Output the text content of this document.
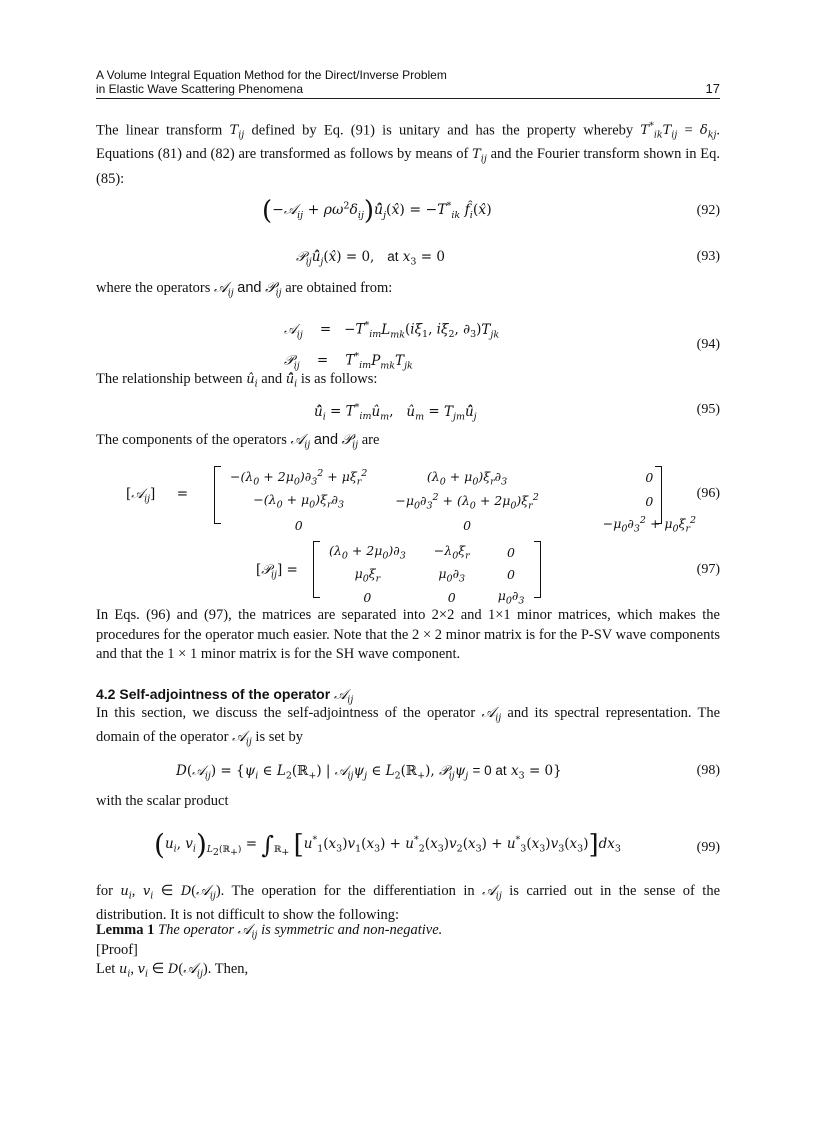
A Volume Integral Equation Method for the Direct/Inverse Problem
in Elastic Wave Scattering Phenomena	17
The linear transform $T_{ij}$ defined by Eq. (91) is unitary and has the property whereby $T^*_{ik}T_{ij} = \delta_{kj}$. Equations (81) and (82) are transformed as follows by means of $T_{ij}$ and the Fourier transform shown in Eq. (85):
(−𝒜$_{ij}$ + $\rho\omega^2\delta_{ij})û̂_j(x̂) = -T^*_{ik}$ $f̂_i(x̂)$	(92)
$𝒫_{ij}û̂_j(x̂) = 0$,   at $x_3 = 0$	(93)
where the operators 𝒜$_{ij}$ and 𝒫$_{ij}$ are obtained from:
𝒜$_{ij}$    =   $-T^*_{im}L_{mk}(i\xi_1$, $i\xi_2$, $\partial_3)T_{jk}$
𝒫$_{ij}$    =    $T^*_{im}P_{mk}T_{jk}$
(94)
The relationship between $û_i$ and $û̂_i$ is as follows:
$û̂_i$ = $T^*_{im}û_m$,   $û_m$ = $T_{jm}û̂_j$	(95)
The components of the operators 𝒜$_{ij}$ and 𝒫$_{ij}$ are
[𝒜$_{ij}$]     =
$-(\lambda_0 + 2\mu_0)\partial_3^2 + \mu\xi_r^2$	$(\lambda_0 + \mu_0)\xi_r\partial_3$	0
$-(\lambda_0 + \mu_0)\xi_r\partial_3$	$-\mu_0\partial_3^2 + (\lambda_0 + 2\mu_0)\xi_r^2$	0
0	0	$-\mu_0\partial_3^2 + \mu_0\xi_r^2$
(96)
[𝒫$_{ij}$] =
$(\lambda_0 + 2\mu_0)\partial_3$	$-\lambda_0\xi_r$	0
$\mu_0\xi_r$	$\mu_0\partial_3$	0
0	0	$\mu_0\partial_3$
(97)
In Eqs. (96) and (97), the matrices are separated into 2×2 and 1×1 minor matrices, which makes the procedures for the operator much easier. Note that the 2 × 2 minor matrix is for the P-SV wave components and that the 1 × 1 minor matrix is for the SH wave component.
4.2 Self-adjointness of the operator 𝒜$_{ij}$
In this section, we discuss the self-adjointness of the operator 𝒜$_{ij}$ and its spectral representation. The domain of the operator 𝒜$_{ij}$ is set by
D(𝒜$_{ij}$) = {$\psi_i$ ∈ $L_2(ℝ_+)$ | $𝒜_{ij}\psi_j$ ∈ $L_2(ℝ_+)$, $𝒫_{ij}\psi_j = 0$ at $x_3 = 0$}	(98)
with the scalar product
($u_i$, $v_i)_{L_2(ℝ_+)} = \int_{ℝ_+}$ $[u^*_1(x_3)v_1(x_3) + u^*_2(x_3)v_2(x_3) + u^*_3(x_3)v_3(x_3)]dx_3$	(99)
for $u_i$, $v_i$ ∈ D(𝒜$_{ij}$). The operation for the differentiation in 𝒜$_{ij}$ is carried out in the sense of the distribution. It is not difficult to show the following:
Lemma 1 The operator 𝒜$_{ij}$ is symmetric and non-negative.
[Proof]
Let $u_i$, $v_i$ ∈ D(𝒜$_{ij}$). Then,
